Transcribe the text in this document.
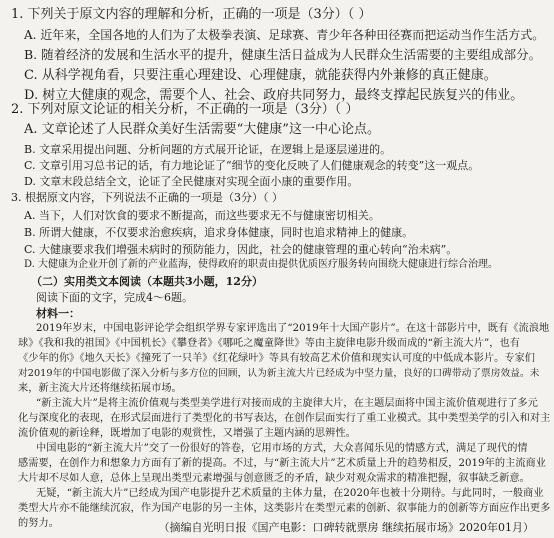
1. 下列关于原文内容的理解和分析，正确的一项是（3分）（ ）
A. 近年来，全国各地的人们为了太极拳表演、足球赛、青少年各种田径赛而把运动当作生活方式。
B. 随着经济的发展和生活水平的提升，健康生活日益成为人民群众生活需要的主要组成部分。
C. 从科学视角看，只要注重心理建设、心理健康，就能获得内外兼修的真正健康。
D. 树立大健康的观念，需要个人、社会、政府共同努力，最终支撑起民族复兴的伟业。
2. 下列对原文论证的相关分析，不正确的一项是（3分）（ ）
A. 文章论述了人民群众美好生活需要“大健康”这一中心论点。
B. 文章采用提出问题、分析问题的方式展开论证，在逻辑上是逐层递进的。
C. 文章引用习总书记的话，有力地论证了“细节的变化反映了人们健康观念的转变”这一观点。
D. 文章末段总结全文，论证了全民健康对实现全面小康的重要作用。
3. 根据原文内容，下列说法不正确的一项是（3分）（ ）
A. 当下，人们对饮食的要求不断提高，而这些要求无不与健康密切相关。
B. 所谓大健康，不仅要求治愈疾病，追求身体健康，同时也追求精神上的健康。
C. 大健康要求我们增强未病时的预防能力，因此，社会的健康管理的重心转向“治未病”。
D. 大健康为企业开创了新的产业蓝海，使得政府的职责由提供优质医疗服务转向围绕大健康进行综合治理。
（二）实用类文本阅读（本题共3小题，12分）
阅读下面的文字，完成4～6题。
材料一：
2019年岁末，中国电影评论学会组织学界专家评选出了“2019年十大国产影片”。在这十部影片中，既有《流浪地
球》《我和我的祖国》《中国机长》《攀登者》《哪吒之魔童降世》等由主旋律电影升级而成的“新主流大片”，也有
《少年的你》《地久天长》《撞死了一只羊》《红花绿叶》等具有较高艺术价值和现实认可度的中低成本影片。专家们
对2019年的中国电影做了深入分析与多方位的回顾，认为新主流大片已经成为中坚力量，良好的口碑带动了票房效益。未
来，新主流大片还将继续拓展市场。
“新主流大片”是将主流价值观与类型美学进行对接而成的主旋律大片，在主题层面将中国主流价值观进行了多元
化与深度化的表现，在形式层面进行了类型化的书写表达，在创作层面实行了重工业模式。其中类型美学的引入和对主
流价值观的新诠释，既增加了电影的观赏性，又增强了主题内涵的思辨性。
中国电影的“新主流大片”交了一份很好的答卷，它用市场的方式，大众喜闻乐见的情感方式，满足了现代的情
感需要，在创作力和想象力方面有了新的提高。不过，与“新主流大片”艺术质量上升的趋势相反，2019年的主流商业
大片却不尽如人意，总体上呈现出类型元素增强与创意匮乏的矛盾，缺少对观众需求的精准把握，叙事缺乏新意。
无疑，“新主流大片”已经成为国产电影提升艺术质量的主体力量，在2020年也被十分期待。与此同时，一般商业
类型大片亦不能继续沉寂，作为国产电影的另一主体，这类影片在类型元素的创新、叙事能力的创新等方面应作出更多
的努力。	（摘编自光明日报《国产电影：口碑转就票房 继续拓展市场》2020年01月）
